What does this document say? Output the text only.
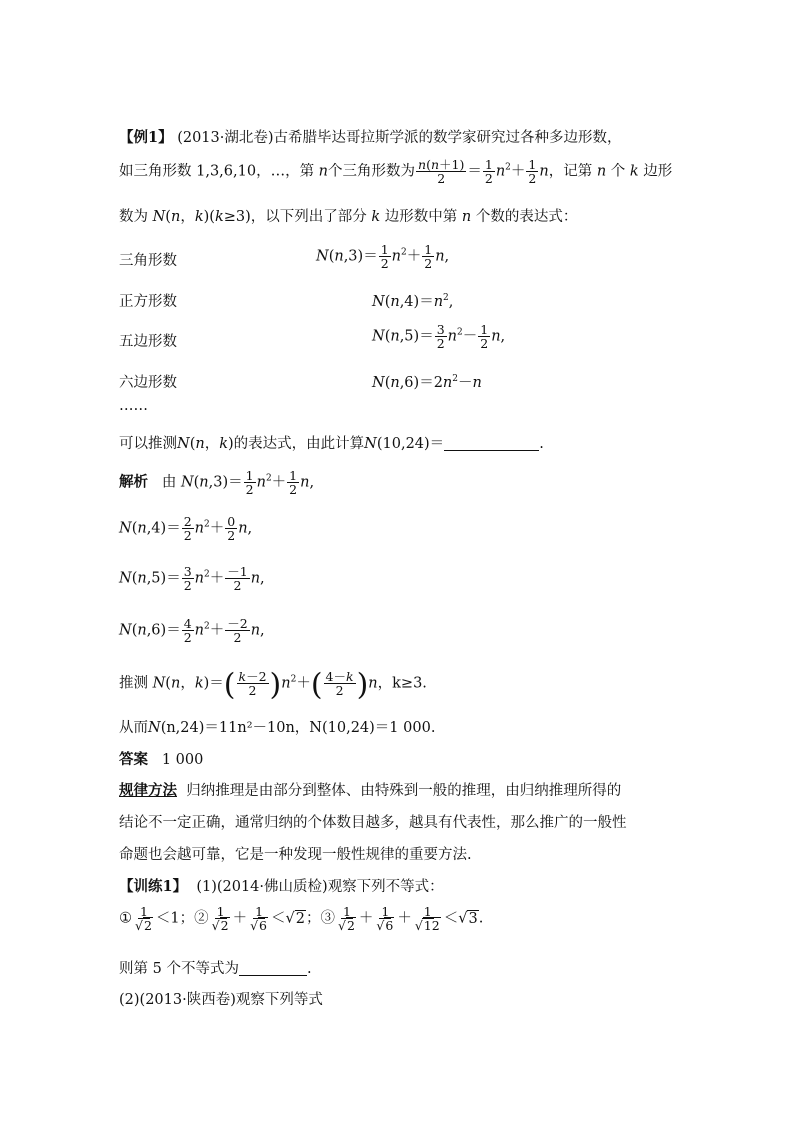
【例1】 (2013·湖北卷)古希腊毕达哥拉斯学派的数学家研究过各种多边形数，
如三角形数 1,3,6,10，…，第 n个三角形数为 $\frac{n(n+1)}{2} = \frac{1}{2} n^2+ \frac{1}{2}$ n，记第 n 个 k 边形
数为 N(n，k)(k≥3)，以下列出了部分 k 边形数中第 n 个数的表达式：
三角形数	$N(n,3)= \frac{1}{2} n^2+ \frac{1}{2} n$,
正方形数	$N(n,4)=n^2$,
五边形数	$N(n,5)= \frac{3}{2} n^2- \frac{1}{2} n$,
六边形数	$N(n,6)=2n^2-n$
……
可以推测N(n，k)的表达式，由此计算N(10,24)＝	.
解析 由 $N(n,3)= \frac{1}{2} n^2+ \frac{1}{2} n$,
$N(n,4)= \frac{2}{2} n^2+ \frac{0}{2} n$,
$N(n,5)= \frac{3}{2} n^2+ \frac{-1}{2} n$,
$N(n,6)= \frac{4}{2} n^2+ \frac{-2}{2} n$,
推测 N(n，$k)=( \frac{k-2}{2} )n^2+( \frac{4-k}{2} )n$，k≥3.
从而N(n,24)＝11n²－10n，N(10,24)＝1 000.
答案 1 000
规律方法 归纳推理是由部分到整体、由特殊到一般的推理，由归纳推理所得的
结论不一定正确，通常归纳的个体数目越多，越具有代表性，那么推广的一般性
命题也会越可靠，它是一种发现一般性规律的重要方法.
【训练1】 (1)(2014·佛山质检)观察下列不等式：
① $\frac{1}{√2} <1$；② $\frac{1}{√2} + \frac{1}{√6} <√2$；③ $\frac{1}{√2} + \frac{1}{√6} + \frac{1}{√12} <√3$.
则第 5 个不等式为	.
(2)(2013·陕西卷)观察下列等式
